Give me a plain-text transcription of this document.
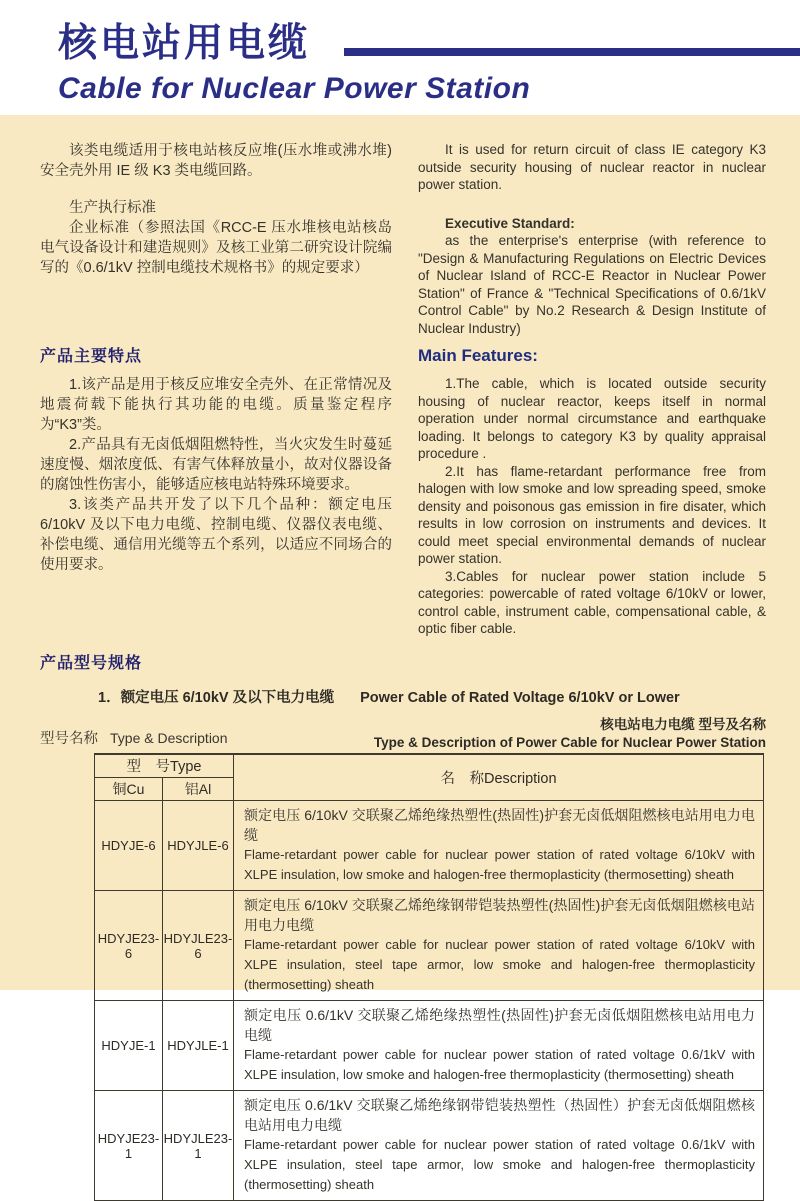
核电站用电缆
Cable for Nuclear Power Station

该类电缆适用于核电站核反应堆(压水堆或沸水堆)安全壳外用 IE 级 K3 类电缆回路。

生产执行标准

企业标准（参照法国《RCC-E 压水堆核电站核岛电气设备设计和建造规则》及核工业第二研究设计院编写的《0.6/1kV 控制电缆技术规格书》的规定要求）

It is used for return circuit of class IE category K3 outside security housing of nuclear reactor in nuclear power station.

Executive Standard:

as the enterprise's enterprise (with reference to "Design & Manufacturing Regulations on Electric Devices of Nuclear Island of RCC-E Reactor in Nuclear Power Station" of France & "Technical Specifications of 0.6/1kV Control Cable" by No.2 Research & Design Institute of Nuclear Industry)

产品主要特点	Main Features:

1.该产品是用于核反应堆安全壳外、在正常情况及地震荷载下能执行其功能的电缆。质量鉴定程序为“K3”类。

2.产品具有无卤低烟阻燃特性，当火灾发生时蔓延速度慢、烟浓度低、有害气体释放量小，故对仪器设备的腐蚀性伤害小，能够适应核电站特殊环境要求。

3.该类产品共开发了以下几个品种：额定电压 6/10kV 及以下电力电缆、控制电缆、仪器仪表电缆、补偿电缆、通信用光缆等五个系列，以适应不同场合的使用要求。

1.The cable, which is located outside security housing of nuclear reactor, keeps itself in normal operation under normal circumstance and earthquake loading. It belongs to category K3 by quality appraisal procedure .

2.It has flame-retardant performance free from halogen with low smoke and low spreading speed, smoke density and poisonous gas emission in fire disater, which results in low corrosion on instruments and devices. It could meet special environmental demands of nuclear power station.

3.Cables for nuclear power station include 5 categories: powercable of rated voltage 6/10kV or lower, control cable, instrument cable, compensational cable, & optic fiber cable.

产品型号规格
1．额定电压 6/10kV 及以下电力电缆 Power Cable of Rated Voltage 6/10kV or Lower
型号名称 Type & Description
核电站电力电缆 型号及名称
Type & Description of Power Cable for Nuclear Power Station
型　号Type		名　称Description
铜Cu	铝Al	
HDYJE-6	HDYJLE-6	额定电压 6/10kV 交联聚乙烯绝缘热塑性(热固性)护套无卤低烟阻燃核电站用电力电缆
Flame-retardant power cable for nuclear power station of rated voltage 6/10kV with XLPE insulation, low smoke and halogen-free thermoplasticity (thermosetting) sheath

HDYJE23-6	HDYJLE23-6	额定电压 6/10kV 交联聚乙烯绝缘钢带铠装热塑性(热固性)护套无卤低烟阻燃核电站用电力电缆
Flame-retardant power cable for nuclear power station of rated voltage 6/10kV with XLPE insulation, steel tape armor, low smoke and halogen-free thermoplasticity (thermosetting) sheath

HDYJE-1	HDYJLE-1	额定电压 0.6/1kV 交联聚乙烯绝缘热塑性(热固性)护套无卤低烟阻燃核电站用电力电缆
Flame-retardant power cable for nuclear power station of rated voltage 0.6/1kV with XLPE insulation, low smoke and halogen-free thermoplasticity (thermosetting) sheath

HDYJE23-1	HDYJLE23-1	额定电压 0.6/1kV 交联聚乙烯绝缘钢带铠装热塑性（热固性）护套无卤低烟阻燃核电站用电力电缆
Flame-retardant power cable for nuclear power station of rated voltage 0.6/1kV with XLPE insulation, steel tape armor, low smoke and halogen-free thermoplasticity (thermosetting) sheath
